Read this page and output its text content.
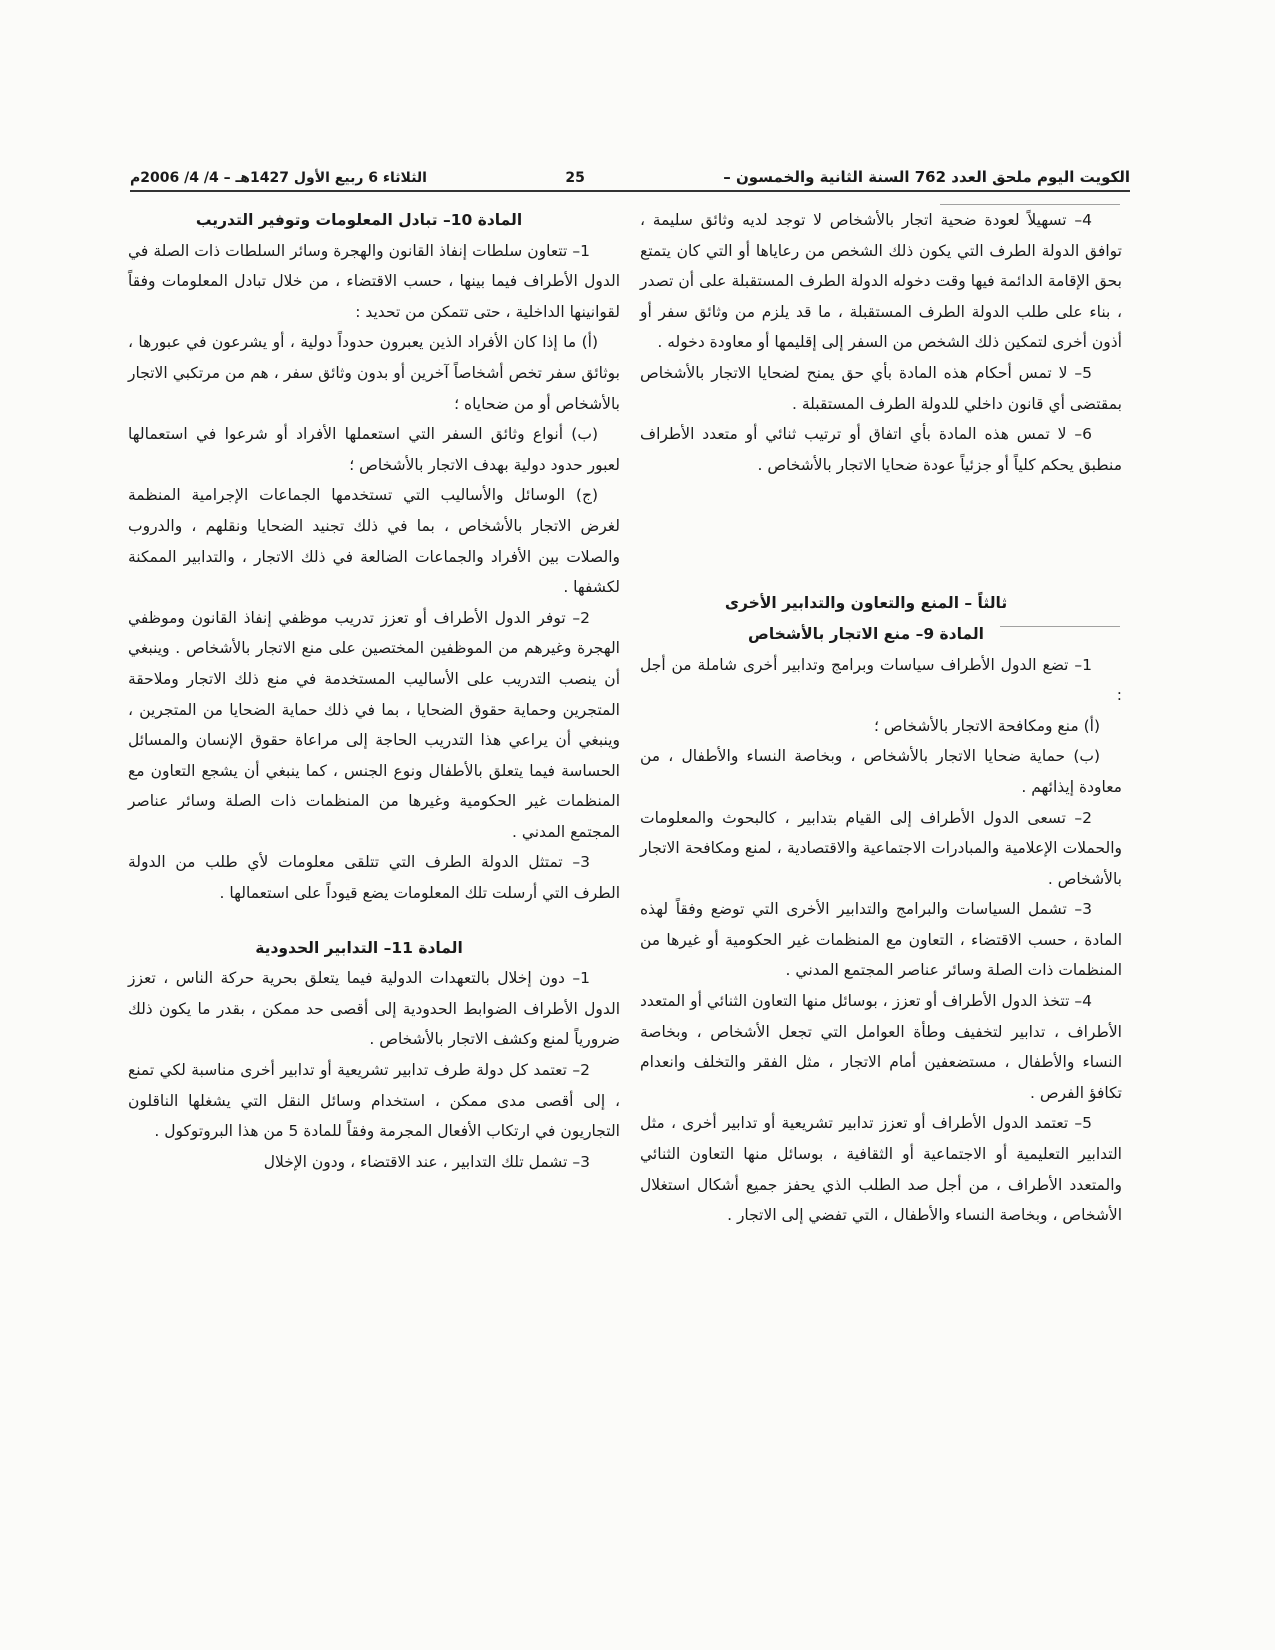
الكويت اليوم ملحق العدد 762 السنة الثانية والخمسون –
25
الثلاثاء 6 ربيع الأول 1427هـ – 4/ 4/ 2006م

4– تسهيلاً لعودة ضحية اتجار بالأشخاص لا توجد لديه وثائق سليمة ، توافق الدولة الطرف التي يكون ذلك الشخص من رعاياها أو التي كان يتمتع بحق الإقامة الدائمة فيها وقت دخوله الدولة الطرف المستقبلة على أن تصدر ، بناء على طلب الدولة الطرف المستقبلة ، ما قد يلزم من وثائق سفر أو أذون أخرى لتمكين ذلك الشخص من السفر إلى إقليمها أو معاودة دخوله .

5– لا تمس أحكام هذه المادة بأي حق يمنح لضحايا الاتجار بالأشخاص بمقتضى أي قانون داخلي للدولة الطرف المستقبلة .

6– لا تمس هذه المادة بأي اتفاق أو ترتيب ثنائي أو متعدد الأطراف منطبق يحكم كلياً أو جزئياً عودة ضحايا الاتجار بالأشخاص .

ثالثاً – المنع والتعاون والتدابير الأخرى

المادة 9– منع الاتجار بالأشخاص

1– تضع الدول الأطراف سياسات وبرامج وتدابير أخرى شاملة من أجل :

(أ) منع ومكافحة الاتجار بالأشخاص ؛

(ب) حماية ضحايا الاتجار بالأشخاص ، وبخاصة النساء والأطفال ، من معاودة إيذائهم .

2– تسعى الدول الأطراف إلى القيام بتدابير ، كالبحوث والمعلومات والحملات الإعلامية والمبادرات الاجتماعية والاقتصادية ، لمنع ومكافحة الاتجار بالأشخاص .

3– تشمل السياسات والبرامج والتدابير الأخرى التي توضع وفقاً لهذه المادة ، حسب الاقتضاء ، التعاون مع المنظمات غير الحكومية أو غيرها من المنظمات ذات الصلة وسائر عناصر المجتمع المدني .

4– تتخذ الدول الأطراف أو تعزز ، بوسائل منها التعاون الثنائي أو المتعدد الأطراف ، تدابير لتخفيف وطأة العوامل التي تجعل الأشخاص ، وبخاصة النساء والأطفال ، مستضعفين أمام الاتجار ، مثل الفقر والتخلف وانعدام تكافؤ الفرص .

5– تعتمد الدول الأطراف أو تعزز تدابير تشريعية أو تدابير أخرى ، مثل التدابير التعليمية أو الاجتماعية أو الثقافية ، بوسائل منها التعاون الثنائي والمتعدد الأطراف ، من أجل صد الطلب الذي يحفز جميع أشكال استغلال الأشخاص ، وبخاصة النساء والأطفال ، التي تفضي إلى الاتجار .

المادة 10– تبادل المعلومات وتوفير التدريب

1– تتعاون سلطات إنفاذ القانون والهجرة وسائر السلطات ذات الصلة في الدول الأطراف فيما بينها ، حسب الاقتضاء ، من خلال تبادل المعلومات وفقاً لقوانينها الداخلية ، حتى تتمكن من تحديد :

(أ) ما إذا كان الأفراد الذين يعبرون حدوداً دولية ، أو يشرعون في عبورها ، بوثائق سفر تخص أشخاصاً آخرين أو بدون وثائق سفر ، هم من مرتكبي الاتجار بالأشخاص أو من ضحاياه ؛

(ب) أنواع وثائق السفر التي استعملها الأفراد أو شرعوا في استعمالها لعبور حدود دولية بهدف الاتجار بالأشخاص ؛

(ج) الوسائل والأساليب التي تستخدمها الجماعات الإجرامية المنظمة لغرض الاتجار بالأشخاص ، بما في ذلك تجنيد الضحايا ونقلهم ، والدروب والصلات بين الأفراد والجماعات الضالعة في ذلك الاتجار ، والتدابير الممكنة لكشفها .

2– توفر الدول الأطراف أو تعزز تدريب موظفي إنفاذ القانون وموظفي الهجرة وغيرهم من الموظفين المختصين على منع الاتجار بالأشخاص . وينبغي أن ينصب التدريب على الأساليب المستخدمة في منع ذلك الاتجار وملاحقة المتجرين وحماية حقوق الضحايا ، بما في ذلك حماية الضحايا من المتجرين ، وينبغي أن يراعي هذا التدريب الحاجة إلى مراعاة حقوق الإنسان والمسائل الحساسة فيما يتعلق بالأطفال ونوع الجنس ، كما ينبغي أن يشجع التعاون مع المنظمات غير الحكومية وغيرها من المنظمات ذات الصلة وسائر عناصر المجتمع المدني .

3– تمتثل الدولة الطرف التي تتلقى معلومات لأي طلب من الدولة الطرف التي أرسلت تلك المعلومات يضع قيوداً على استعمالها .

المادة 11– التدابير الحدودية

1– دون إخلال بالتعهدات الدولية فيما يتعلق بحرية حركة الناس ، تعزز الدول الأطراف الضوابط الحدودية إلى أقصى حد ممكن ، بقدر ما يكون ذلك ضرورياً لمنع وكشف الاتجار بالأشخاص .

2– تعتمد كل دولة طرف تدابير تشريعية أو تدابير أخرى مناسبة لكي تمنع ، إلى أقصى مدى ممكن ، استخدام وسائل النقل التي يشغلها الناقلون التجاريون في ارتكاب الأفعال المجرمة وفقاً للمادة 5 من هذا البروتوكول .

3– تشمل تلك التدابير ، عند الاقتضاء ، ودون الإخلال
